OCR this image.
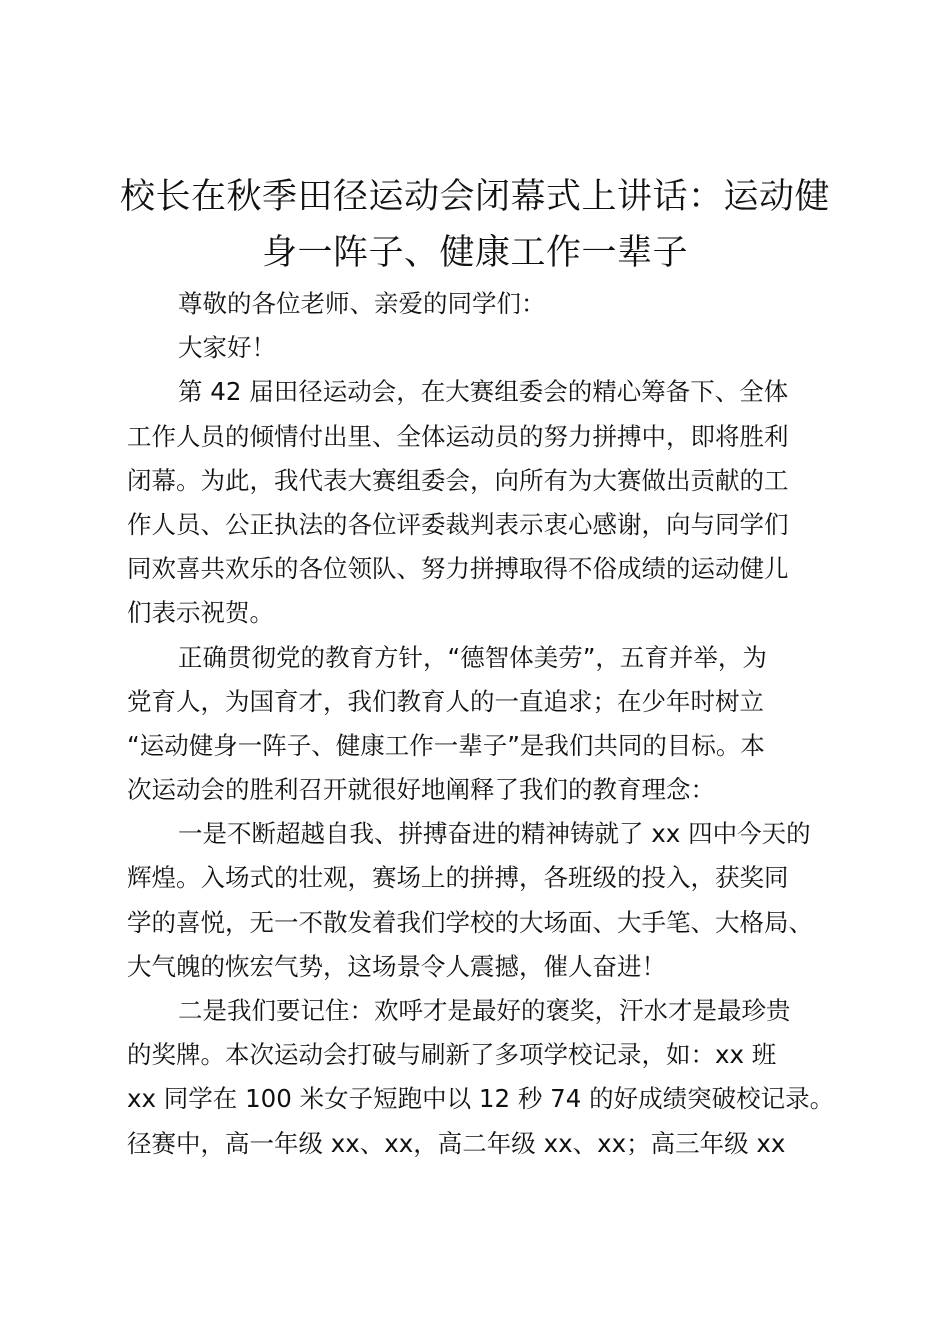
校长在秋季田径运动会闭幕式上讲话：运动健
身一阵子、健康工作一辈子
尊敬的各位老师、亲爱的同学们：
大家好！
第 42 届田径运动会，在大赛组委会的精心筹备下、全体
工作人员的倾情付出里、全体运动员的努力拼搏中，即将胜利
闭幕。为此，我代表大赛组委会，向所有为大赛做出贡献的工
作人员、公正执法的各位评委裁判表示衷心感谢，向与同学们
同欢喜共欢乐的各位领队、努力拼搏取得不俗成绩的运动健儿
们表示祝贺。
正确贯彻党的教育方针，“德智体美劳”，五育并举，为
党育人，为国育才，我们教育人的一直追求；在少年时树立
“运动健身一阵子、健康工作一辈子”是我们共同的目标。本
次运动会的胜利召开就很好地阐释了我们的教育理念：
一是不断超越自我、拼搏奋进的精神铸就了 xx 四中今天的
辉煌。入场式的壮观，赛场上的拼搏，各班级的投入，获奖同
学的喜悦，无一不散发着我们学校的大场面、大手笔、大格局、
大气魄的恢宏气势，这场景令人震撼，催人奋进！
二是我们要记住：欢呼才是最好的褒奖，汗水才是最珍贵
的奖牌。本次运动会打破与刷新了多项学校记录，如：xx 班
xx 同学在 100 米女子短跑中以 12 秒 74 的好成绩突破校记录。
径赛中，高一年级 xx、xx，高二年级 xx、xx；高三年级 xx
